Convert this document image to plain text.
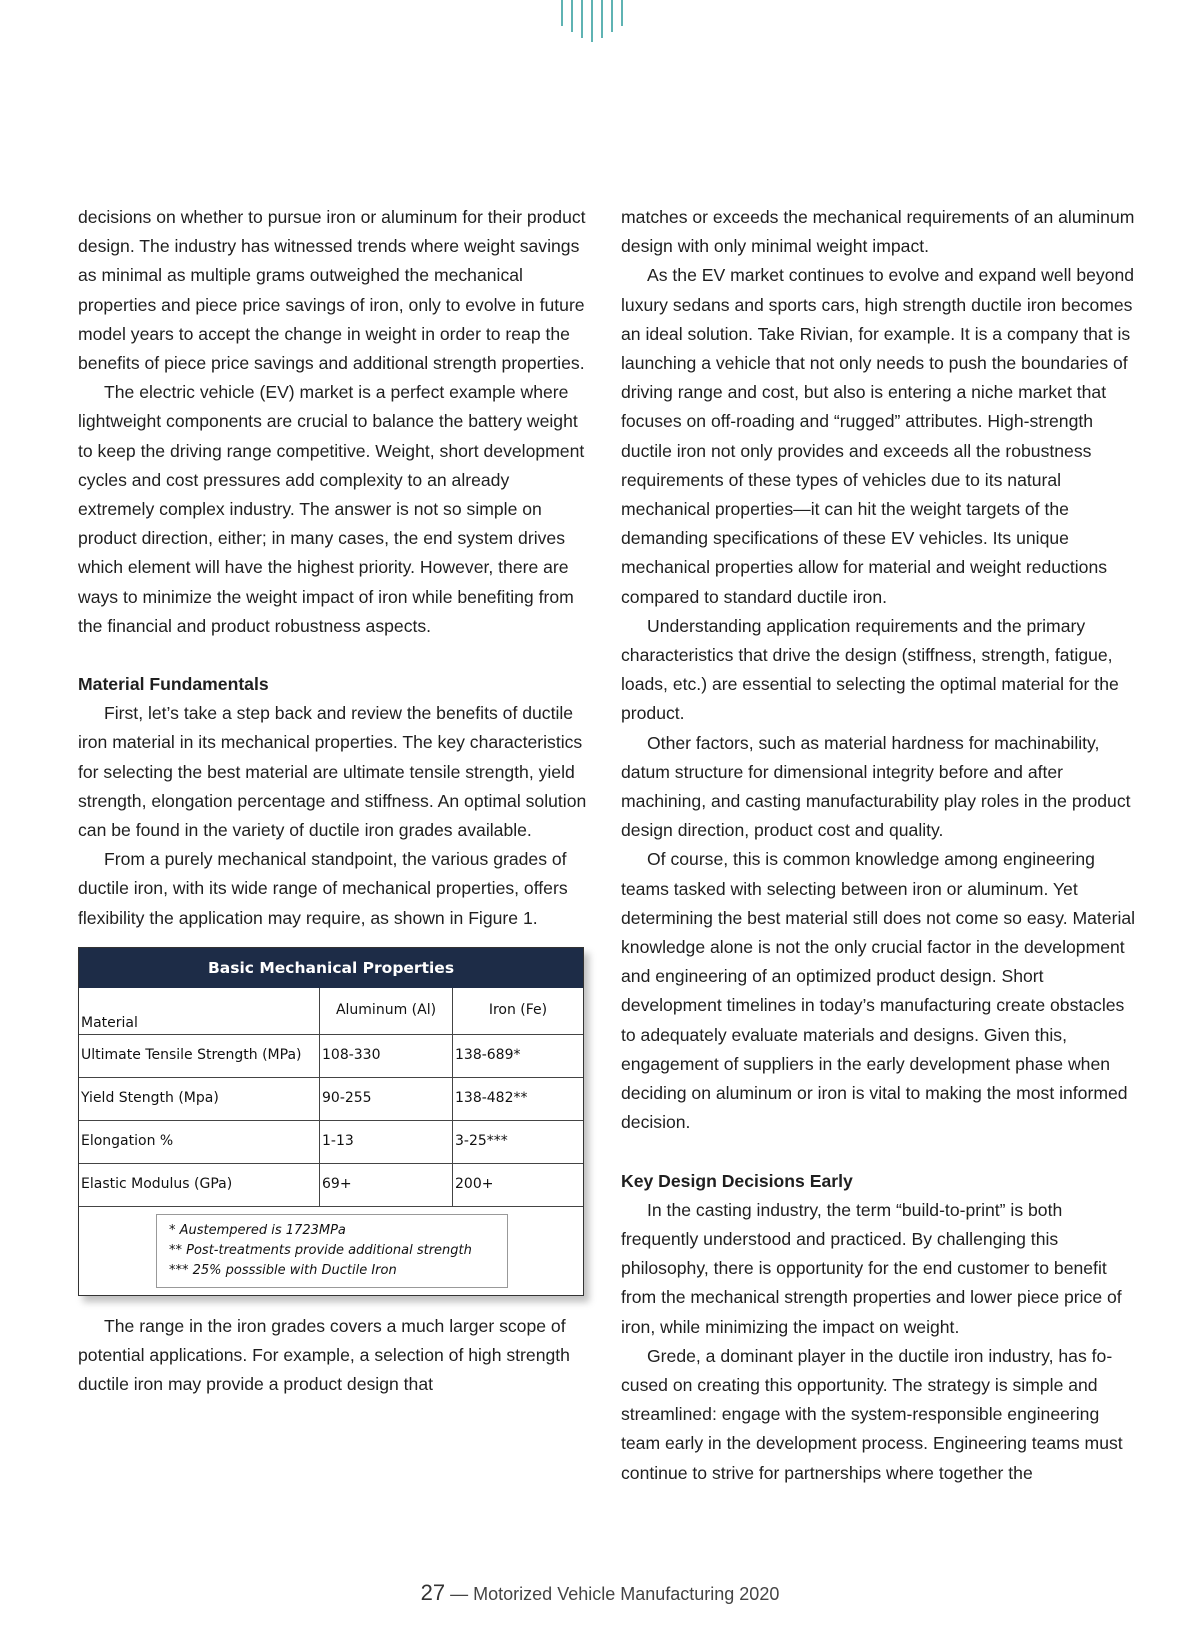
decisions on whether to pursue iron or aluminum for their product design. The industry has witnessed trends where weight savings as minimal as multiple grams outweighed the mechanical properties and piece price savings of iron, only to evolve in future model years to accept the change in weight in order to reap the benefits of piece price savings and additional strength properties.

The electric vehicle (EV) market is a perfect example where lightweight components are crucial to balance the battery weight to keep the driving range competitive. Weight, short development cycles and cost pressures add complexity to an already extremely complex industry. The answer is not so simple on product direction, either; in many cases, the end system drives which element will have the highest priority. However, there are ways to minimize the weight impact of iron while benefiting from the financial and product robustness aspects.

Material Fundamentals

First, let’s take a step back and review the benefits of ductile iron material in its mechanical properties. The key characteristics for selecting the best material are ultimate tensile strength, yield strength, elongation percentage and stiffness. An optimal solution can be found in the variety of ductile iron grades available.

From a purely mechanical standpoint, the various grades of ductile iron, with its wide range of mechanical properties, offers flexibility the application may require, as shown in Figure 1.

Basic Mechanical Properties
Material	Aluminum (Al)	Iron (Fe)
Ultimate Tensile Strength (MPa)	108-330	138-689*
Yield Stength (Mpa)	90-255	138-482**
Elongation %	1-13	3-25***
Elastic Modulus (GPa)	69+	200+
* Austempered is 1723MPa
** Post-treatments provide additional strength
*** 25% posssible with Ductile Iron

The range in the iron grades covers a much larger scope of potential applications. For example, a selection of high strength ductile iron may provide a product design that

matches or exceeds the mechanical requirements of an aluminum design with only minimal weight impact.

As the EV market continues to evolve and expand well beyond luxury sedans and sports cars, high strength ductile iron becomes an ideal solution. Take Rivian, for example. It is a company that is launching a vehicle that not only needs to push the boundaries of driving range and cost, but also is entering a niche market that focuses on off-roading and “rugged” attributes. High-strength ductile iron not only provides and exceeds all the robustness requirements of these types of vehicles due to its natural mechanical properties—it can hit the weight targets of the demanding specifications of these EV vehicles. Its unique mechanical properties allow for material and weight reductions compared to standard ductile iron.

Understanding application requirements and the primary characteristics that drive the design (stiffness, strength, fatigue, loads, etc.) are essential to selecting the optimal material for the product.

Other factors, such as material hardness for machinability, datum structure for dimensional integrity before and after machining, and casting manufacturability play roles in the product design direction, product cost and quality.

Of course, this is common knowledge among engineering teams tasked with selecting between iron or aluminum. Yet determining the best material still does not come so easy. Material knowledge alone is not the only crucial factor in the development and engineering of an optimized product design. Short development timelines in today’s manufacturing create obstacles to adequately evaluate materials and designs. Given this, engagement of suppliers in the early development phase when deciding on aluminum or iron is vital to making the most informed decision.

Key Design Decisions Early

In the casting industry, the term “build-to-print” is both frequently understood and practiced. By challenging this philosophy, there is opportunity for the end customer to benefit from the mechanical strength properties and lower piece price of iron, while minimizing the impact on weight.

Grede, a dominant player in the ductile iron industry, has focused on creating this opportunity. The strategy is simple and streamlined: engage with the system-responsible engineering team early in the development process. Engineering teams must continue to strive for partnerships where together the

27 — Motorized Vehicle Manufacturing 2020
